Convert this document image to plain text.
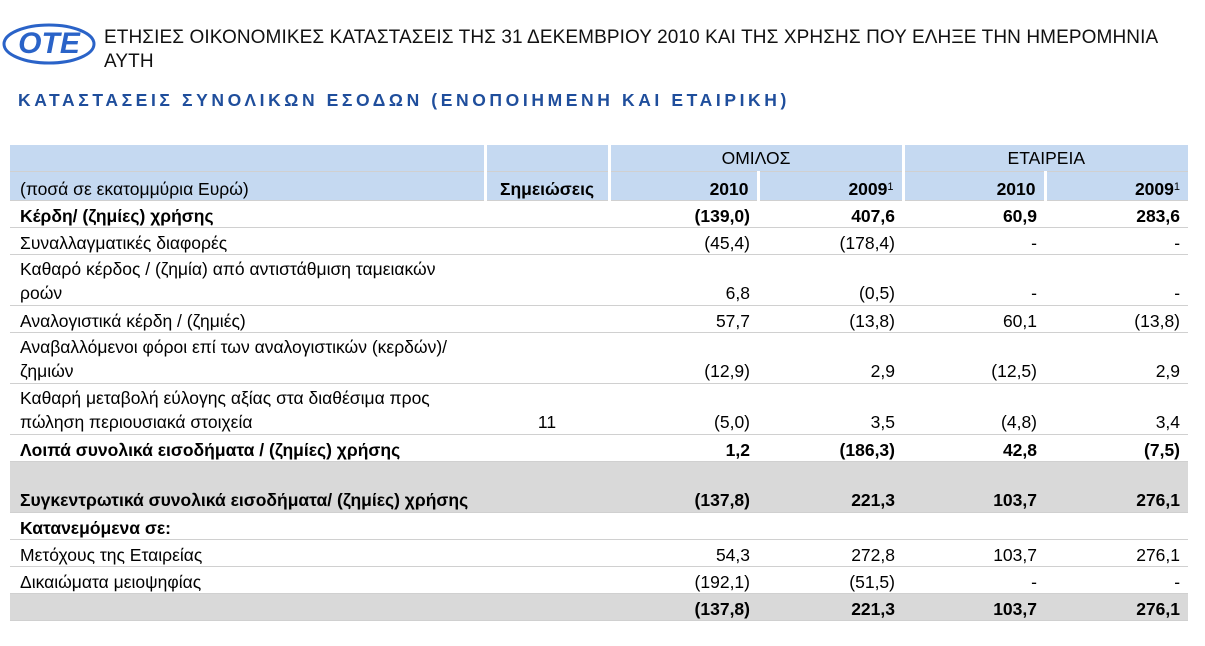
OTE ΕΤΗΣΙΕΣ ΟΙΚΟΝΟΜΙΚΕΣ ΚΑΤΑΣΤΑΣΕΙΣ ΤΗΣ 31 ΔΕΚΕΜΒΡΙΟΥ 2010 ΚΑΙ ΤΗΣ ΧΡΗΣΗΣ ΠΟΥ ΕΛΗΞΕ ΤΗΝ ΗΜΕΡΟΜΗΝΙΑ ΑΥΤΗ
ΚΑΤΑΣΤΑΣΕΙΣ ΣΥΝΟΛΙΚΩΝ ΕΣΟΔΩΝ (ΕΝΟΠΟΙΗΜΕΝΗ ΚΑΙ ΕΤΑΙΡΙΚΗ)
		ΟΜΙΛΟΣ		ΕΤΑΙΡΕΙΑ	
(ποσά σε εκατομμύρια Ευρώ)	Σημειώσεις	2010	2009$^1$	2010	2009$^1$
Κέρδη/ (ζημίες) χρήσης		(139,0)	407,6	60,9	283,6
Συναλλαγματικές διαφορές		(45,4)	(178,4)	-	-
Καθαρό κέρδος / (ζημία) από αντιστάθμιση ταμειακών ροών		6,8	(0,5)	-	-
Αναλογιστικά κέρδη / (ζημιές)		57,7	(13,8)	60,1	(13,8)
Αναβαλλόμενοι φόροι επί των αναλογιστικών (κερδών)/ ζημιών		(12,9)	2,9	(12,5)	2,9
Καθαρή μεταβολή εύλογης αξίας στα διαθέσιμα προς πώληση περιουσιακά στοιχεία	11	(5,0)	3,5	(4,8)	3,4
Λοιπά συνολικά εισοδήματα / (ζημίες) χρήσης		1,2	(186,3)	42,8	(7,5)
Συγκεντρωτικά συνολικά εισοδήματα/ (ζημίες) χρήσης		(137,8)	221,3	103,7	276,1
Κατανεμόμενα σε:					
Μετόχους της Εταιρείας		54,3	272,8	103,7	276,1
Δικαιώματα μειοψηφίας		(192,1)	(51,5)	-	-
		(137,8)	221,3	103,7	276,1
